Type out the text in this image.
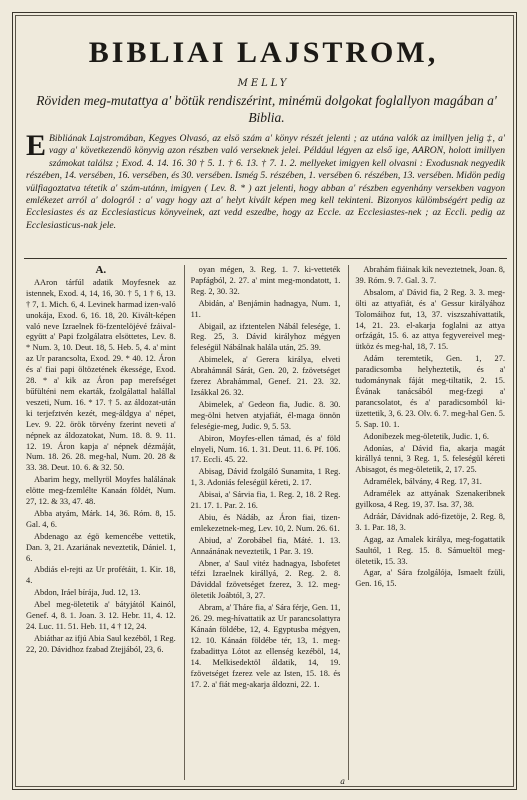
BIBLIAI LAJSTROM,
MELLY
Röviden meg-mutattya a' bötük rendiszérint, minémü dolgokat foglallyon magában a' Biblia.
E Bibliának Lajstromában, Kegyes Olvasó, az elsö szám a' könyv részét jelenti ; az utána valók az imillyen jelig ‡, a' vagy a' következendö könyvig azon részben való verseknek jelei. Például légyen az első ige, AARON, holott imillyen számokat találsz ; Exod. 4. 14. 16. 30 † 5. 1. † 6. 13. † 7. 1. 2. mellyeket imigyen kell olvasni : Exodusnak negyedik részében, 14. versében, 16. versében, és 30. versében. Ismég 5. részében, 1. versében 6. részében, 13. versében. Midön pedig vülfiagoztatva tétetik a' szám-utánn, imigyen ( Lev. 8. * ) azt jelenti, hogy abban a' részben egyenhány versekben vagyon emlékezet arról a' dologról : a' vagy hogy azt a' helyt kivált képen meg kell tekinteni. Bizonyos külömbségért pedig az Ecclesiastes és az Ecclesiasticus könyveinek, azt vedd eszedbe, hogy az Eccle. az Ecclesiastes-nek ; az Eccli. pedig az Ecclesiasticus-nak jele.
A.

AAron tárfúl adatik Moyfesnek az istennek, Exod. 4, 14, 16, 30. † 5, 1 † 6, 13. † 7, 1. Mich. 6, 4. Levinek harmad izen-való unokája, Exod. 6, 16. 18, 20. Kivált-képen való neve Izraelnek fö-fzentelöjévé fzáival-együtt a' Papi fzolgálatra elsöttetes, Lev. 8. * Num. 3, 10. Deut. 18, 5. Heb. 5, 4. a' mint az Ur parancsolta, Exod. 29. * 40. 12. Áron és a' fiai papi öltözetének ékessége, Exod. 28. * a' kik az Áron pap merefséget bűfülténi nem ekarták, fzolgálattal halállal veszeti, Num. 16. * 17. † 5. az áldozat-után ki terjefztvén kezét, meg-áldgya a' népet, Lev. 9. 22. örök törvény fzerint neveti a' népnek az áldozatokat, Num. 18. 8. 9. 11. 12. 19. Áron kapja a' népnek dézmáját, Num. 18. 26. 28. meg-hal, Num. 20. 28 & 33. 38. Deut. 10. 6. & 32. 50.

Abarim hegy, mellyröl Moyfes halálának elötte meg-fzemlélte Kanaán földét, Num. 27, 12. & 33, 47. 48.

Abba atyám, Márk. 14, 36. Róm. 8, 15. Gal. 4, 6.

Abdenago az égö kemencébe vettetik, Dan. 3, 21. Azariának neveztetik, Dániel. 1, 6.

Abdiás el-rejti az Ur profétáit, 1. Kir. 18, 4.

Abdon, Iráel bírája, Jud. 12, 13.

Abel meg-öletetik a' bátyjától Kainól, Genef. 4, 8. 1. Joan. 3. 12. Hebr. 11, 4. 12. 24. Luc. 11. 51. Heb. 11, 4 † 12, 24.

Abiáthar az ifjú Abia Saul kezéböl, 1 Reg. 22, 20. Dávidhoz fzabad Ztejjából, 23, 6.

oyan mégen, 3. Reg. 1. 7. ki-vetteték Papfágból, 2. 27. a' mint meg-mondatott, 1. Reg. 2, 30. 32.

Abidán, a' Benjámin hadnagya, Num. 1, 11.

Abigail, az ifztentelen Nábál felesége, 1. Reg. 25, 3. Dávid királyhoz mégyen feleségül Nábálnak halála után, 25. 39.

Abimelek, a' Gerera királya, elveti Abrahámnál Sárát, Gen. 20, 2. fzövetséget fzerez Abrahámmal, Genef. 21. 23. 32. Izsákkal 26. 32.

Abimelek, a' Gedeon fia, Judic. 8. 30. meg-ölni hetven atyjafiát, él-maga önnön feleségie-meg, Judic. 9, 5. 53.

Abiron, Moyfes-ellen támad, és a' föld elnyeli, Num. 16. 1. 31. Deut. 11. 6. Pf. 106. 17. Eccli. 45. 22.

Abisag, Dávid fzolgáló Sunamita, 1 Reg. 1, 3. Adoniás feleségül kéreti, 2. 17.

Abisai, a' Sárvia fia, 1. Reg. 2, 18. 2 Reg. 21. 17. 1. Par. 2. 16.

Abiu, és Nádáb, az Áron fiai, tizen-emlekezetnek-meg, Lev. 10, 2. Num. 26. 61.

Abiud, a' Zorobábel fia, Máté. 1. 13. Annaánának neveztetik, 1 Par. 3. 19.

Abner, a' Saul vitéz hadnagya, Isbofetet téfzi Izraelnek királlyá, 2. Reg. 2. 8. Dáviddal fzövetséget fzerez, 3. 12. meg-öletetik Joábtól, 3, 27.

Abram, a' Tháre fia, a' Sára férje, Gen. 11, 26. 29. meg-hívattatik az Ur parancsolattyra Kánaán földébe, 12, 4. Egyptusba mégyen, 12. 10. Kánaán földébe tér, 13, 1. meg-fzabadittya Lótot az ellenség kezéböl, 14, 14. Melkisedektöl áldatik, 14, 19. fzövetséget fzerez vele az Isten, 15. 18. és 17. 2. a' fiát meg-akarja áldozni, 22. 1.

Abrahám fiáinak kik neveztetnek, Joan. 8, 39. Róm. 9. 7. Gal. 3. 7.

Absalom, a' Dávid fia, 2 Reg. 3. 3. meg-ölti az attyafiát, és a' Gessur királyához Tolomáihoz fut, 13, 37. viszszahívattatik, 14, 21. 23. el-akarja foglalni az attya orfzágát, 15. 6. az attya fegyvereivel meg-ütköz és meg-hal, 18, 7. 15.

Adám teremtetik, Gen. 1, 27. paradicsomba helyheztetik, és a' tudománynak fáját meg-tiltatik, 2. 15. Évának tanácsából meg-fzegi a' parancsolatot, és a' paradicsomból ki-üzettetik, 3, 6. 23. Olv. 6. 7. meg-hal Gen. 5. 5. Sap. 10. 1.

Adonibezek meg-öletetik, Judic. 1, 6.

Adonías, a' Dávid fia, akarja magát királlyá tenni, 3 Reg. 1, 5. feleségül kéreti Abisagot, és meg-öletetik, 2, 17. 25.

Adramélek, bálvány, 4 Reg. 17, 31.

Adramélek az attyának Szenakeribnek gyilkosa, 4 Reg. 19, 37. Isa. 37, 38.

Adráár, Dávidnak adó-fizetöje, 2. Reg. 8, 3. 1. Par. 18, 3.

Agag, az Amalek királya, meg-fogattatik Saultól, 1 Reg. 15. 8. Sámueltöl meg-öletetik, 15. 33.

Agar, a' Sára fzolgálója, Ismaelt fzüli, Gen. 16, 15.

a
